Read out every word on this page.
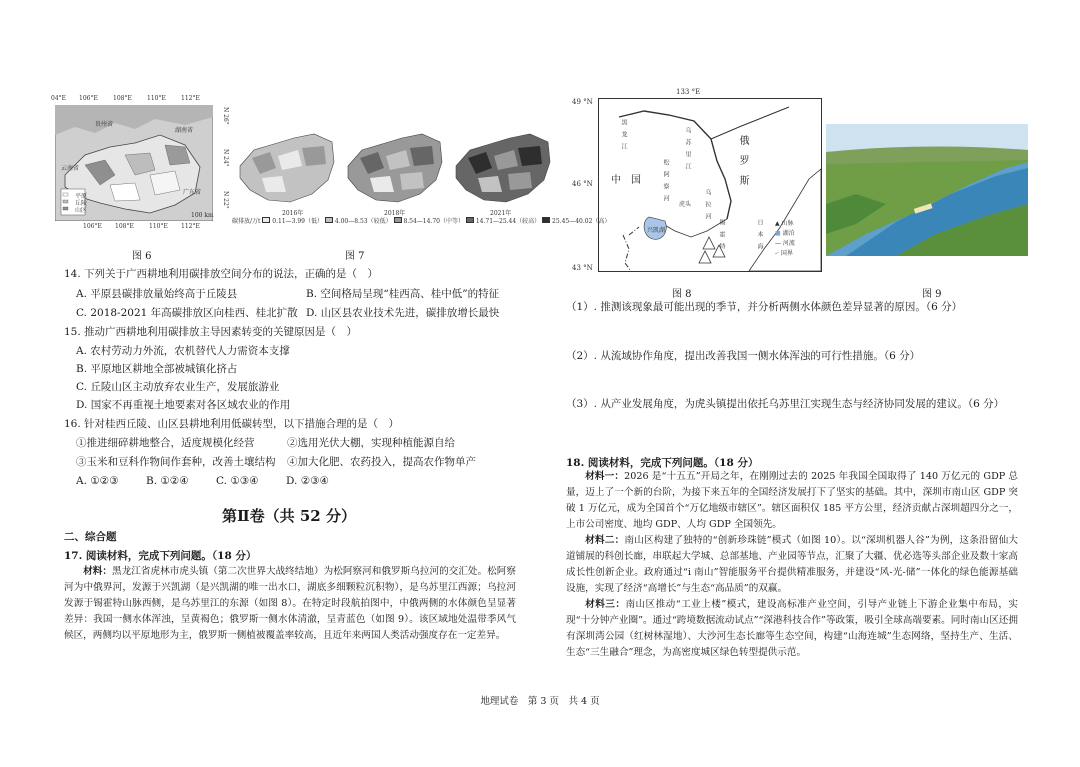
04°E 106°E	108°E	110°E	112°E
贵州省
湖南省
云南省
广东省
平原
丘陵
山区
100 km
N 26°
N 24°
N 22°
106°E 108°E	110°E 112°E
图 6
2016年	2018年	2021年
碳排放/万t 0.11—3.99（低） 4.00—8.53（较低） 8.54—14.70（中等） 14.71—25.44（较高） 25.45—40.02（高）
图 7
14. 下列关于广西耕地利用碳排放空间分布的说法，正确的是（　）
A. 平原县碳排放量始终高于丘陵县	B. 空间格局呈现“桂西高、桂中低”的特征
C. 2018-2021 年高碳排放区向桂西、桂北扩散 D. 山区县农业技术先进，碳排放增长最快
15. 推动广西耕地利用碳排放主导因素转变的关键原因是（　）
A. 农村劳动力外流，农机替代人力需资本支撑
B. 平原地区耕地全部被城镇化挤占
C. 丘陵山区主动放弃农业生产，发展旅游业
D. 国家不再重视土地要素对各区域农业的作用
16. 针对桂西丘陵、山区县耕地利用低碳转型，以下措施合理的是（　）
①推进细碎耕地整合，适度规模化经营	②选用光伏大棚，实现种植能源自给
③玉米和豆科作物间作套种，改善土壤结构 ④加大化肥、农药投入，提高农作物单产
A. ①②③	B. ①②④	C. ①③④	D. ②③④
第Ⅱ卷（共 52 分）
二、综合题
17. 阅读材料，完成下列问题。（18 分）
材料：黑龙江省虎林市虎头镇（第二次世界大战终结地）为松阿察河和俄罗斯乌拉河的交汇处。松阿察河为中俄界河，发源于兴凯湖（是兴凯湖的唯一出水口，湖底多细颗粒沉积物），是乌苏里江西源；乌拉河发源于锡霍特山脉西侧，是乌苏里江的东源（如图 8）。在特定时段航拍图中，中俄两侧的水体颜色呈显著差异：我国一侧水体浑浊，呈黄褐色；俄罗斯一侧水体清澈，呈青蓝色（如图 9）。该区域地处温带季风气候区，两侧均以平原地形为主，俄罗斯一侧植被覆盖率较高，且近年来两国人类活动强度存在一定差异。
133 °E
49 °N
46 °N
43 °N
中　国	俄　罗　斯
日　本　海
黑　龙　江	乌　苏　里　江
松　阿　察　河
乌　拉　河
锡　霍　特
兴凯湖
虎头
▲ 山脉
■ 湖泊
— 河流
-· 国界
图 8	图 9
（1）. 推测该现象最可能出现的季节，并分析两侧水体颜色差异显著的原因。（6 分）
（2）. 从流域协作角度，提出改善我国一侧水体浑浊的可行性措施。（6 分）
（3）. 从产业发展角度，为虎头镇提出依托乌苏里江实现生态与经济协同发展的建议。（6 分）
18. 阅读材料，完成下列问题。（18 分）
材料一：2026 是“十五五”开局之年，在刚刚过去的 2025 年我国全国取得了 140 万亿元的 GDP 总量，迈上了一个新的台阶，为接下来五年的全国经济发展打下了坚实的基础。其中，深圳市南山区 GDP 突破 1 万亿元，成为全国首个“万亿地级市辖区”。辖区面积仅 185 平方公里，经济贡献占深圳超四分之一，上市公司密度、地均 GDP、人均 GDP 全国领先。
材料二：南山区构建了独特的“创新珍珠链”模式（如图 10）。以“深圳机器人谷”为例，这条沿留仙大道铺展的科创长廊，串联起大学城、总部基地、产业园等节点，汇聚了大疆、优必选等头部企业及数十家高成长性创新企业。政府通过“i 南山”智能服务平台提供精准服务，并建设“风-光-储”一体化的绿色能源基础设施，实现了经济“高增长”与生态“高品质”的双赢。
材料三：南山区推动“工业上楼”模式，建设高标准产业空间，引导产业链上下游企业集中布局，实现“十分钟产业圈”。通过“跨境数据流动试点”“深港科技合作”等政策，吸引全球高端要素。同时南山区还拥有深圳湾公园（红树林湿地）、大沙河生态长廊等生态空间，构建“山海连城”生态网络，坚持生产、生活、生态“三生融合”理念，为高密度城区绿色转型提供示范。
地理试卷　第 3 页　共 4 页
